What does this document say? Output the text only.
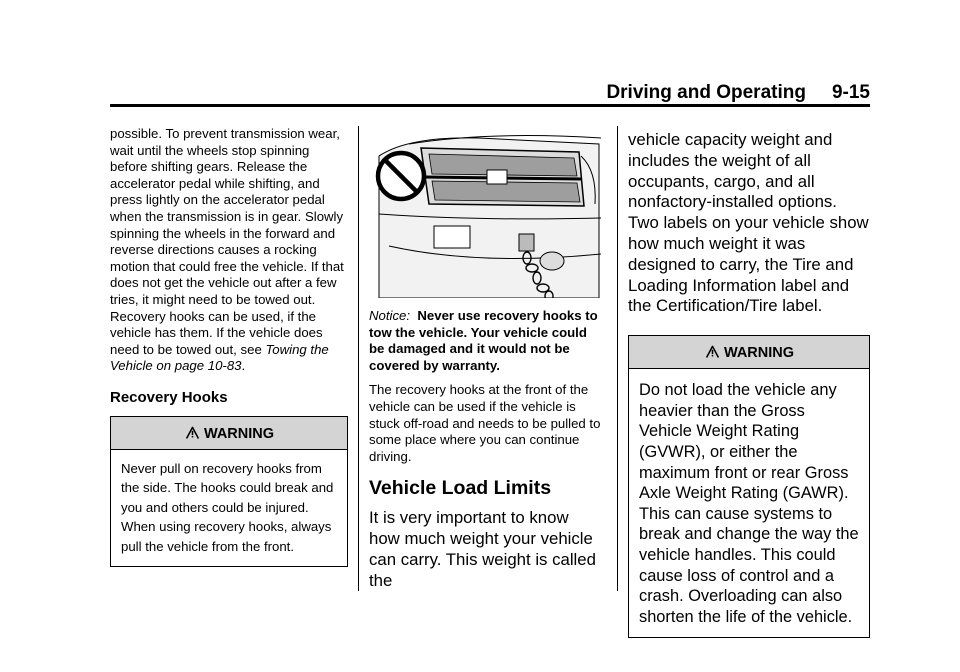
Driving and Operating 9-15

possible. To prevent transmission wear, wait until the wheels stop spinning before shifting gears. Release the accelerator pedal while shifting, and press lightly on the accelerator pedal when the transmission is in gear. Slowly spinning the wheels in the forward and reverse directions causes a rocking motion that could free the vehicle. If that does not get the vehicle out after a few tries, it might need to be towed out. Recovery hooks can be used, if the vehicle has them. If the vehicle does need to be towed out, see Towing the Vehicle on page 10-83.

Recovery Hooks
WARNING
Never pull on recovery hooks from the side. The hooks could break and you and others could be injured. When using recovery hooks, always pull the vehicle from the front.

Notice: Never use recovery hooks to tow the vehicle. Your vehicle could be damaged and it would not be covered by warranty.

The recovery hooks at the front of the vehicle can be used if the vehicle is stuck off-road and needs to be pulled to some place where you can continue driving.

Vehicle Load Limits

It is very important to know how much weight your vehicle can carry. This weight is called the

vehicle capacity weight and includes the weight of all occupants, cargo, and all nonfactory-installed options. Two labels on your vehicle show how much weight it was designed to carry, the Tire and Loading Information label and the Certification/Tire label.

WARNING
Do not load the vehicle any heavier than the Gross Vehicle Weight Rating (GVWR), or either the maximum front or rear Gross Axle Weight Rating (GAWR). This can cause systems to break and change the way the vehicle handles. This could cause loss of control and a crash. Overloading can also shorten the life of the vehicle.
